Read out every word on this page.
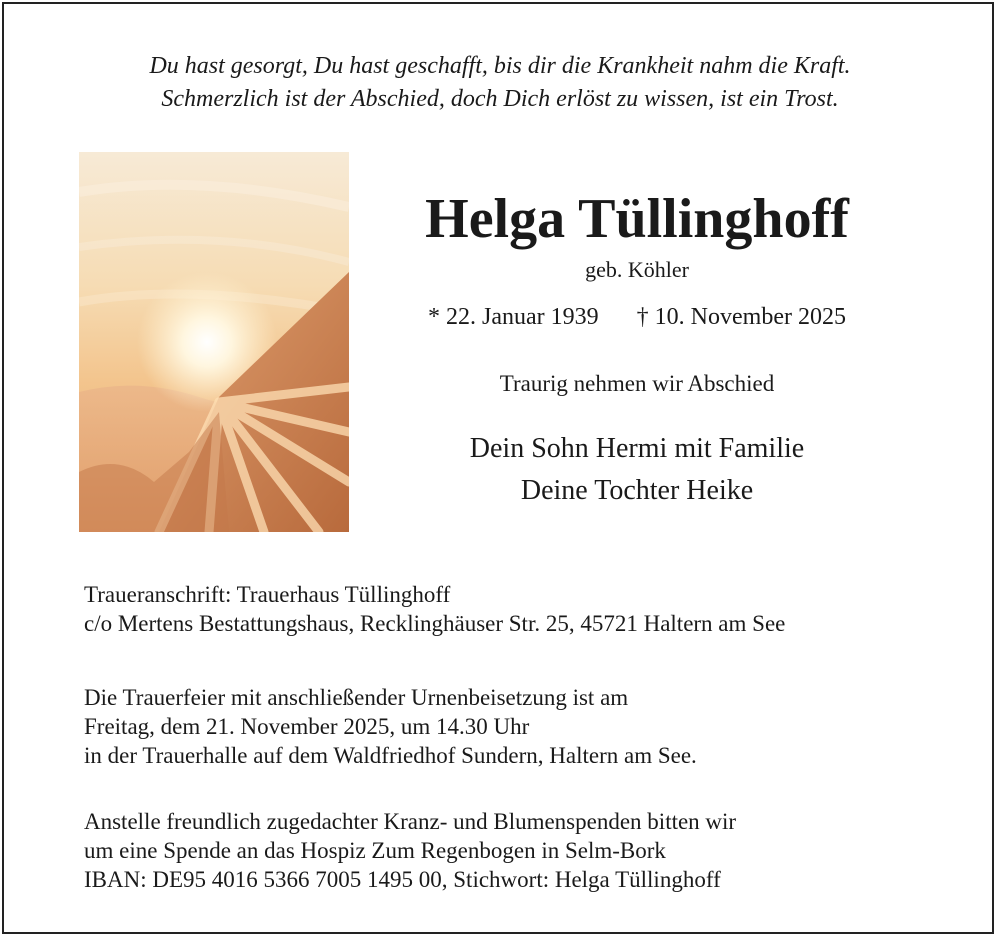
Du hast gesorgt, Du hast geschafft, bis dir die Krankheit nahm die Kraft.
Schmerzlich ist der Abschied, doch Dich erlöst zu wissen, ist ein Trost.
Helga Tüllinghoff
geb. Köhler
* 22. Januar 1939 † 10. November 2025
Traurig nehmen wir Abschied
Dein Sohn Hermi mit Familie
Deine Tochter Heike
Traueranschrift: Trauerhaus Tüllinghoff
c/o Mertens Bestattungshaus, Recklinghäuser Str. 25, 45721 Haltern am See
Die Trauerfeier mit anschließender Urnenbeisetzung ist am
Freitag, dem 21. November 2025, um 14.30 Uhr
in der Trauerhalle auf dem Waldfriedhof Sundern, Haltern am See.
Anstelle freundlich zugedachter Kranz- und Blumenspenden bitten wir
um eine Spende an das Hospiz Zum Regenbogen in Selm-Bork
IBAN: DE95 4016 5366 7005 1495 00, Stichwort: Helga Tüllinghoff
